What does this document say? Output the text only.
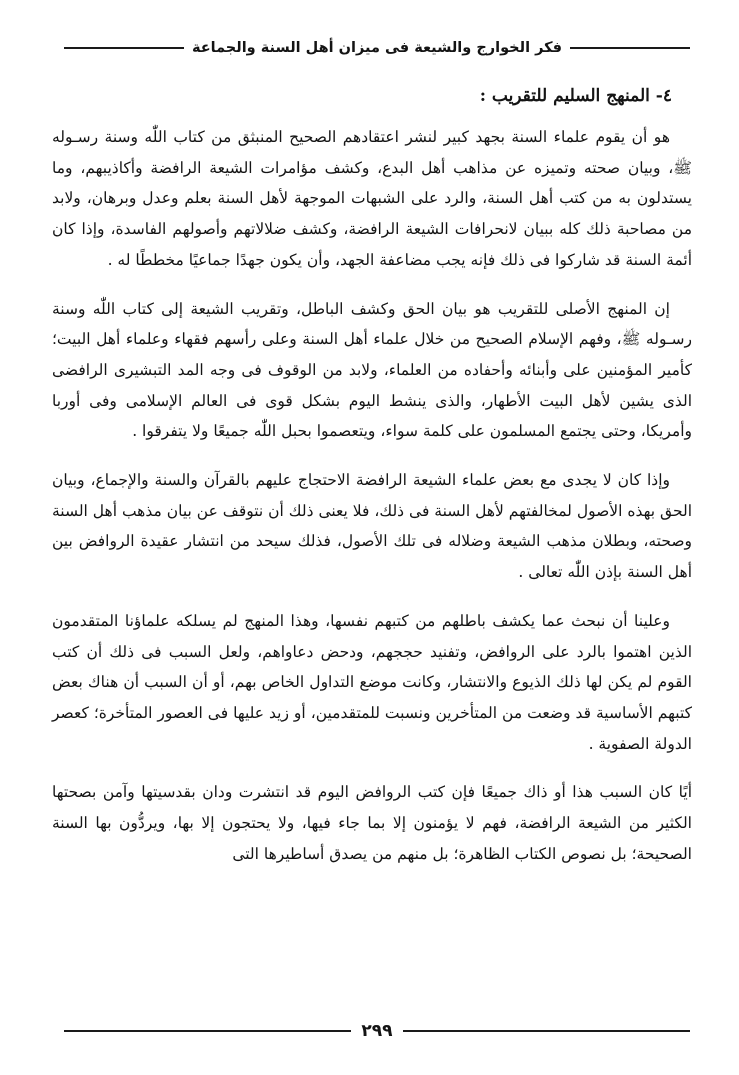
فكر الخوارج والشيعة فى ميزان أهل السنة والجماعة
٤- المنهج السليم للتقريب :

هو أن يقوم علماء السنة بجهد كبير لنشر اعتقادهم الصحيح المنبثق من كتاب اللّٰه وسنة رسـوله ﷺ، وبيان صحته وتميزه عن مذاهب أهل البدع، وكشف مؤامرات الشيعة الرافضة وأكاذيبهم، وما يستدلون به من كتب أهل السنة، والرد على الشبهات الموجهة لأهل السنة بعلم وعدل وبرهان، ولابد من مصاحبة ذلك كله ببيان لانحرافات الشيعة الرافضة، وكشف ضلالاتهم وأصولهم الفاسدة، وإذا كان أئمة السنة قد شاركوا فى ذلك فإنه يجب مضاعفة الجهد، وأن يكون جهدًا جماعيًا مخططًا له .

إن المنهج الأصلى للتقريب هو بيان الحق وكشف الباطل، وتقريب الشيعة إلى كتاب اللّٰه وسنة رسـوله ﷺ، وفهم الإسلام الصحيح من خلال علماء أهل السنة وعلى رأسهم فقهاء وعلماء أهل البيت؛ كأمير المؤمنين على وأبنائه وأحفاده من العلماء، ولابد من الوقوف فى وجه المد التبشيرى الرافضى الذى يشين لأهل البيت الأطهار، والذى ينشط اليوم بشكل قوى فى العالم الإسلامى وفى أوربا وأمريكا، وحتى يجتمع المسلمون على كلمة سواء، ويتعصموا بحبل اللّٰه جميعًا ولا يتفرقوا .

وإذا كان لا يجدى مع بعض علماء الشيعة الرافضة الاحتجاج عليهم بالقرآن والسنة والإجماع، وبيان الحق بهذه الأصول لمخالفتهم لأهل السنة فى ذلك، فلا يعنى ذلك أن نتوقف عن بيان مذهب أهل السنة وصحته، وبطلان مذهب الشيعة وضلاله فى تلك الأصول، فذلك سيحد من انتشار عقيدة الروافض بين أهل السنة بإذن اللّٰه تعالى .

وعلينا أن نبحث عما يكشف باطلهم من كتبهم نفسها، وهذا المنهج لم يسلكه علماؤنا المتقدمون الذين اهتموا بالرد على الروافض، وتفنيد حججهم، ودحض دعاواهم، ولعل السبب فى ذلك أن كتب القوم لم يكن لها ذلك الذيوع والانتشار، وكانت موضع التداول الخاص بهم، أو أن السبب أن هناك بعض كتبهم الأساسية قد وضعت من المتأخرين ونسبت للمتقدمين، أو زيد عليها فى العصور المتأخرة؛ كعصر الدولة الصفوية .

أيًا كان السبب هذا أو ذاك جميعًا فإن كتب الروافض اليوم قد انتشرت ودان بقدسيتها وآمن بصحتها الكثير من الشيعة الرافضة، فهم لا يؤمنون إلا بما جاء فيها، ولا يحتجون إلا بها، ويردُّون بها السنة الصحيحة؛ بل نصوص الكتاب الظاهرة؛ بل منهم من يصدق أساطيرها التى

٢٩٩
